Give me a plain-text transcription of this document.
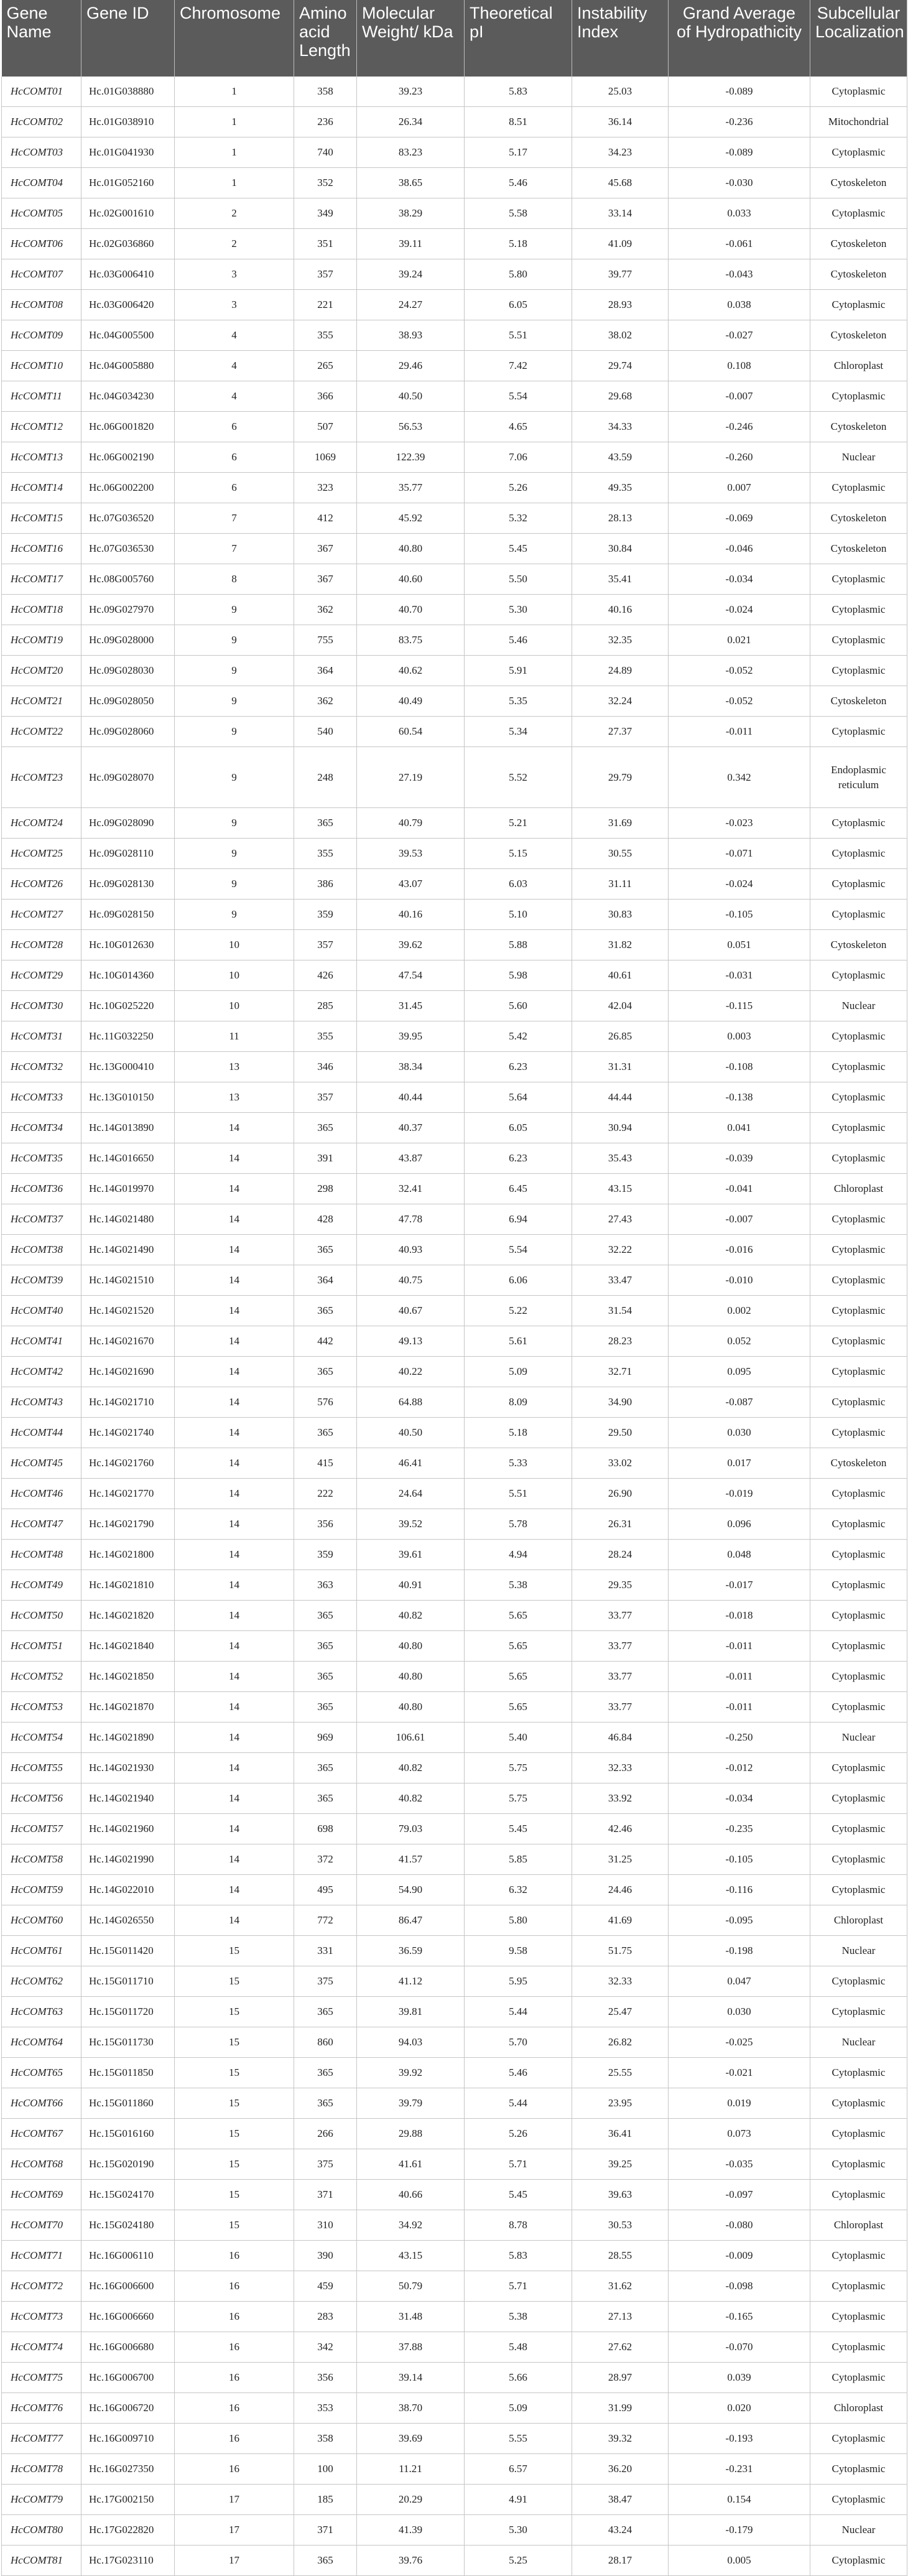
Gene Name	Gene ID	Chromosome	Amino acid Length	Molecular Weight/ kDa	Theoretical pI	Instability Index	Grand Average of Hydropathicity	Subcellular Localization
HcCOMT01	Hc.01G038880	1	358	39.23	5.83	25.03	-0.089	Cytoplasmic
HcCOMT02	Hc.01G038910	1	236	26.34	8.51	36.14	-0.236	Mitochondrial
HcCOMT03	Hc.01G041930	1	740	83.23	5.17	34.23	-0.089	Cytoplasmic
HcCOMT04	Hc.01G052160	1	352	38.65	5.46	45.68	-0.030	Cytoskeleton
HcCOMT05	Hc.02G001610	2	349	38.29	5.58	33.14	0.033	Cytoplasmic
HcCOMT06	Hc.02G036860	2	351	39.11	5.18	41.09	-0.061	Cytoskeleton
HcCOMT07	Hc.03G006410	3	357	39.24	5.80	39.77	-0.043	Cytoskeleton
HcCOMT08	Hc.03G006420	3	221	24.27	6.05	28.93	0.038	Cytoplasmic
HcCOMT09	Hc.04G005500	4	355	38.93	5.51	38.02	-0.027	Cytoskeleton
HcCOMT10	Hc.04G005880	4	265	29.46	7.42	29.74	0.108	Chloroplast
HcCOMT11	Hc.04G034230	4	366	40.50	5.54	29.68	-0.007	Cytoplasmic
HcCOMT12	Hc.06G001820	6	507	56.53	4.65	34.33	-0.246	Cytoskeleton
HcCOMT13	Hc.06G002190	6	1069	122.39	7.06	43.59	-0.260	Nuclear
HcCOMT14	Hc.06G002200	6	323	35.77	5.26	49.35	0.007	Cytoplasmic
HcCOMT15	Hc.07G036520	7	412	45.92	5.32	28.13	-0.069	Cytoskeleton
HcCOMT16	Hc.07G036530	7	367	40.80	5.45	30.84	-0.046	Cytoskeleton
HcCOMT17	Hc.08G005760	8	367	40.60	5.50	35.41	-0.034	Cytoplasmic
HcCOMT18	Hc.09G027970	9	362	40.70	5.30	40.16	-0.024	Cytoplasmic
HcCOMT19	Hc.09G028000	9	755	83.75	5.46	32.35	0.021	Cytoplasmic
HcCOMT20	Hc.09G028030	9	364	40.62	5.91	24.89	-0.052	Cytoplasmic
HcCOMT21	Hc.09G028050	9	362	40.49	5.35	32.24	-0.052	Cytoskeleton
HcCOMT22	Hc.09G028060	9	540	60.54	5.34	27.37	-0.011	Cytoplasmic
HcCOMT23	Hc.09G028070	9	248	27.19	5.52	29.79	0.342	Endoplasmic reticulum
HcCOMT24	Hc.09G028090	9	365	40.79	5.21	31.69	-0.023	Cytoplasmic
HcCOMT25	Hc.09G028110	9	355	39.53	5.15	30.55	-0.071	Cytoplasmic
HcCOMT26	Hc.09G028130	9	386	43.07	6.03	31.11	-0.024	Cytoplasmic
HcCOMT27	Hc.09G028150	9	359	40.16	5.10	30.83	-0.105	Cytoplasmic
HcCOMT28	Hc.10G012630	10	357	39.62	5.88	31.82	0.051	Cytoskeleton
HcCOMT29	Hc.10G014360	10	426	47.54	5.98	40.61	-0.031	Cytoplasmic
HcCOMT30	Hc.10G025220	10	285	31.45	5.60	42.04	-0.115	Nuclear
HcCOMT31	Hc.11G032250	11	355	39.95	5.42	26.85	0.003	Cytoplasmic
HcCOMT32	Hc.13G000410	13	346	38.34	6.23	31.31	-0.108	Cytoplasmic
HcCOMT33	Hc.13G010150	13	357	40.44	5.64	44.44	-0.138	Cytoplasmic
HcCOMT34	Hc.14G013890	14	365	40.37	6.05	30.94	0.041	Cytoplasmic
HcCOMT35	Hc.14G016650	14	391	43.87	6.23	35.43	-0.039	Cytoplasmic
HcCOMT36	Hc.14G019970	14	298	32.41	6.45	43.15	-0.041	Chloroplast
HcCOMT37	Hc.14G021480	14	428	47.78	6.94	27.43	-0.007	Cytoplasmic
HcCOMT38	Hc.14G021490	14	365	40.93	5.54	32.22	-0.016	Cytoplasmic
HcCOMT39	Hc.14G021510	14	364	40.75	6.06	33.47	-0.010	Cytoplasmic
HcCOMT40	Hc.14G021520	14	365	40.67	5.22	31.54	0.002	Cytoplasmic
HcCOMT41	Hc.14G021670	14	442	49.13	5.61	28.23	0.052	Cytoplasmic
HcCOMT42	Hc.14G021690	14	365	40.22	5.09	32.71	0.095	Cytoplasmic
HcCOMT43	Hc.14G021710	14	576	64.88	8.09	34.90	-0.087	Cytoplasmic
HcCOMT44	Hc.14G021740	14	365	40.50	5.18	29.50	0.030	Cytoplasmic
HcCOMT45	Hc.14G021760	14	415	46.41	5.33	33.02	0.017	Cytoskeleton
HcCOMT46	Hc.14G021770	14	222	24.64	5.51	26.90	-0.019	Cytoplasmic
HcCOMT47	Hc.14G021790	14	356	39.52	5.78	26.31	0.096	Cytoplasmic
HcCOMT48	Hc.14G021800	14	359	39.61	4.94	28.24	0.048	Cytoplasmic
HcCOMT49	Hc.14G021810	14	363	40.91	5.38	29.35	-0.017	Cytoplasmic
HcCOMT50	Hc.14G021820	14	365	40.82	5.65	33.77	-0.018	Cytoplasmic
HcCOMT51	Hc.14G021840	14	365	40.80	5.65	33.77	-0.011	Cytoplasmic
HcCOMT52	Hc.14G021850	14	365	40.80	5.65	33.77	-0.011	Cytoplasmic
HcCOMT53	Hc.14G021870	14	365	40.80	5.65	33.77	-0.011	Cytoplasmic
HcCOMT54	Hc.14G021890	14	969	106.61	5.40	46.84	-0.250	Nuclear
HcCOMT55	Hc.14G021930	14	365	40.82	5.75	32.33	-0.012	Cytoplasmic
HcCOMT56	Hc.14G021940	14	365	40.82	5.75	33.92	-0.034	Cytoplasmic
HcCOMT57	Hc.14G021960	14	698	79.03	5.45	42.46	-0.235	Cytoplasmic
HcCOMT58	Hc.14G021990	14	372	41.57	5.85	31.25	-0.105	Cytoplasmic
HcCOMT59	Hc.14G022010	14	495	54.90	6.32	24.46	-0.116	Cytoplasmic
HcCOMT60	Hc.14G026550	14	772	86.47	5.80	41.69	-0.095	Chloroplast
HcCOMT61	Hc.15G011420	15	331	36.59	9.58	51.75	-0.198	Nuclear
HcCOMT62	Hc.15G011710	15	375	41.12	5.95	32.33	0.047	Cytoplasmic
HcCOMT63	Hc.15G011720	15	365	39.81	5.44	25.47	0.030	Cytoplasmic
HcCOMT64	Hc.15G011730	15	860	94.03	5.70	26.82	-0.025	Nuclear
HcCOMT65	Hc.15G011850	15	365	39.92	5.46	25.55	-0.021	Cytoplasmic
HcCOMT66	Hc.15G011860	15	365	39.79	5.44	23.95	0.019	Cytoplasmic
HcCOMT67	Hc.15G016160	15	266	29.88	5.26	36.41	0.073	Cytoplasmic
HcCOMT68	Hc.15G020190	15	375	41.61	5.71	39.25	-0.035	Cytoplasmic
HcCOMT69	Hc.15G024170	15	371	40.66	5.45	39.63	-0.097	Cytoplasmic
HcCOMT70	Hc.15G024180	15	310	34.92	8.78	30.53	-0.080	Chloroplast
HcCOMT71	Hc.16G006110	16	390	43.15	5.83	28.55	-0.009	Cytoplasmic
HcCOMT72	Hc.16G006600	16	459	50.79	5.71	31.62	-0.098	Cytoplasmic
HcCOMT73	Hc.16G006660	16	283	31.48	5.38	27.13	-0.165	Cytoplasmic
HcCOMT74	Hc.16G006680	16	342	37.88	5.48	27.62	-0.070	Cytoplasmic
HcCOMT75	Hc.16G006700	16	356	39.14	5.66	28.97	0.039	Cytoplasmic
HcCOMT76	Hc.16G006720	16	353	38.70	5.09	31.99	0.020	Chloroplast
HcCOMT77	Hc.16G009710	16	358	39.69	5.55	39.32	-0.193	Cytoplasmic
HcCOMT78	Hc.16G027350	16	100	11.21	6.57	36.20	-0.231	Cytoplasmic
HcCOMT79	Hc.17G002150	17	185	20.29	4.91	38.47	0.154	Cytoplasmic
HcCOMT80	Hc.17G022820	17	371	41.39	5.30	43.24	-0.179	Nuclear
HcCOMT81	Hc.17G023110	17	365	39.76	5.25	28.17	0.005	Cytoplasmic
